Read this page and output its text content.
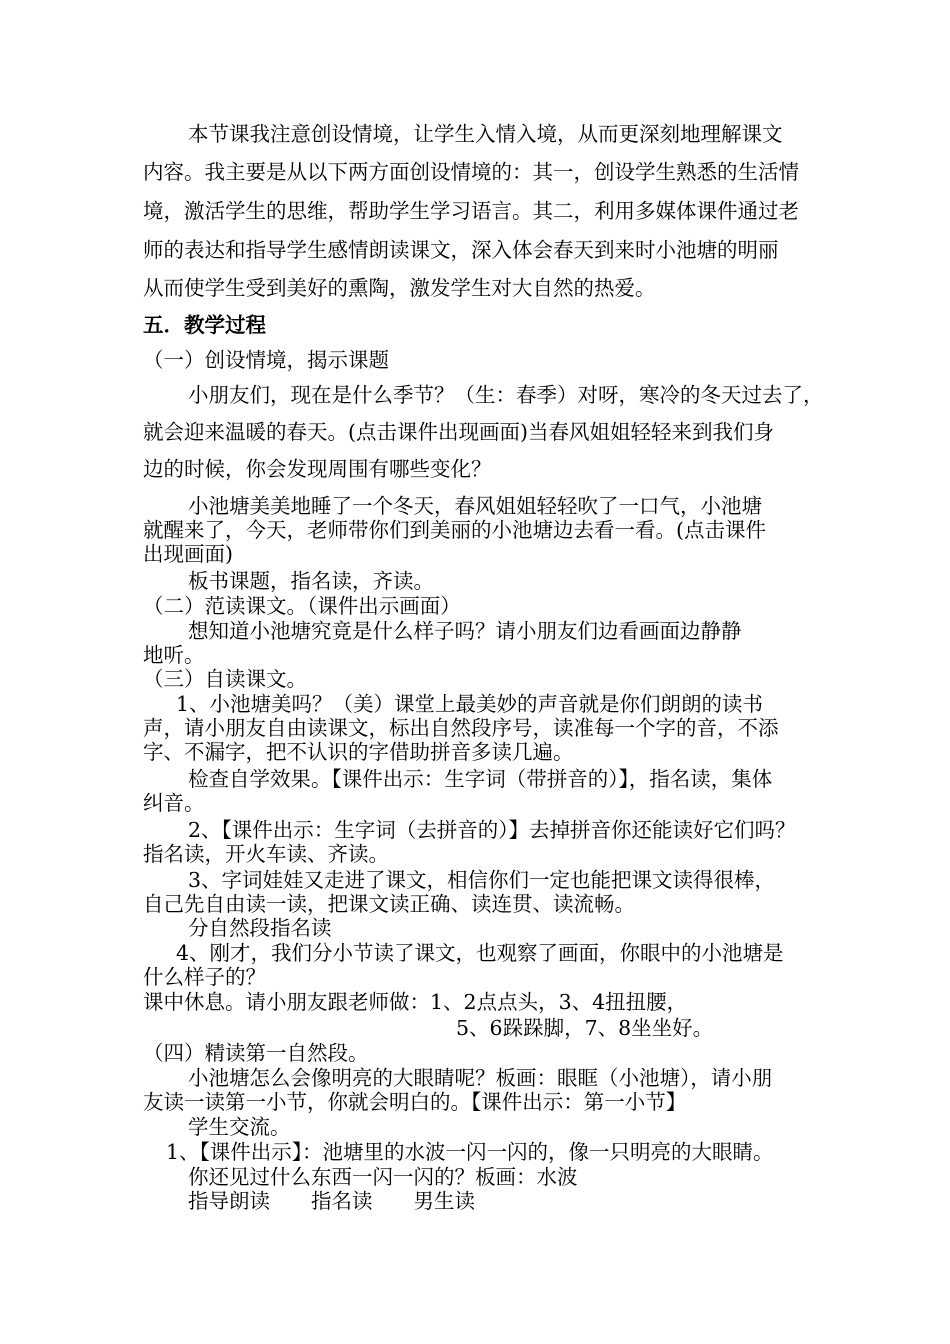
本节课我注意创设情境，让学生入情入境，从而更深刻地理解课文
内容。我主要是从以下两方面创设情境的：其一，创设学生熟悉的生活情
境，激活学生的思维，帮助学生学习语言。其二，利用多媒体课件通过老
师的表达和指导学生感情朗读课文，深入体会春天到来时小池塘的明丽
从而使学生受到美好的熏陶，激发学生对大自然的热爱。
五．教学过程
（一）创设情境，揭示课题
小朋友们，现在是什么季节？（生：春季）对呀，寒冷的冬天过去了，
就会迎来温暖的春天。(点击课件出现画面)当春风姐姐轻轻来到我们身
边的时候，你会发现周围有哪些变化？
小池塘美美地睡了一个冬天，春风姐姐轻轻吹了一口气，小池塘
就醒来了，今天，老师带你们到美丽的小池塘边去看一看。(点击课件
出现画面)
板书课题，指名读，齐读。
（二）范读课文。（课件出示画面）
想知道小池塘究竟是什么样子吗？请小朋友们边看画面边静静
地听。
（三）自读课文。
1、小池塘美吗？（美）课堂上最美妙的声音就是你们朗朗的读书
声，请小朋友自由读课文，标出自然段序号，读准每一个字的音，不添
字、不漏字，把不认识的字借助拼音多读几遍。
检查自学效果。【课件出示：生字词（带拼音的）】，指名读，集体
纠音。
2、【课件出示：生字词（去拼音的）】去掉拼音你还能读好它们吗？
指名读，开火车读、齐读。
3、字词娃娃又走进了课文，相信你们一定也能把课文读得很棒，
自己先自由读一读，把课文读正确、读连贯、读流畅。
分自然段指名读
4、刚才，我们分小节读了课文，也观察了画面，你眼中的小池塘是
什么样子的？
课中休息。请小朋友跟老师做：1、2点点头，3、4扭扭腰，
5、6跺跺脚，7、8坐坐好。
（四）精读第一自然段。
小池塘怎么会像明亮的大眼睛呢？板画：眼眶（小池塘），请小朋
友读一读第一小节，你就会明白的。【课件出示：第一小节】
学生交流。
1、【课件出示】：池塘里的水波一闪一闪的，像一只明亮的大眼睛。
你还见过什么东西一闪一闪的？板画：水波
指导朗读　　指名读　　男生读
